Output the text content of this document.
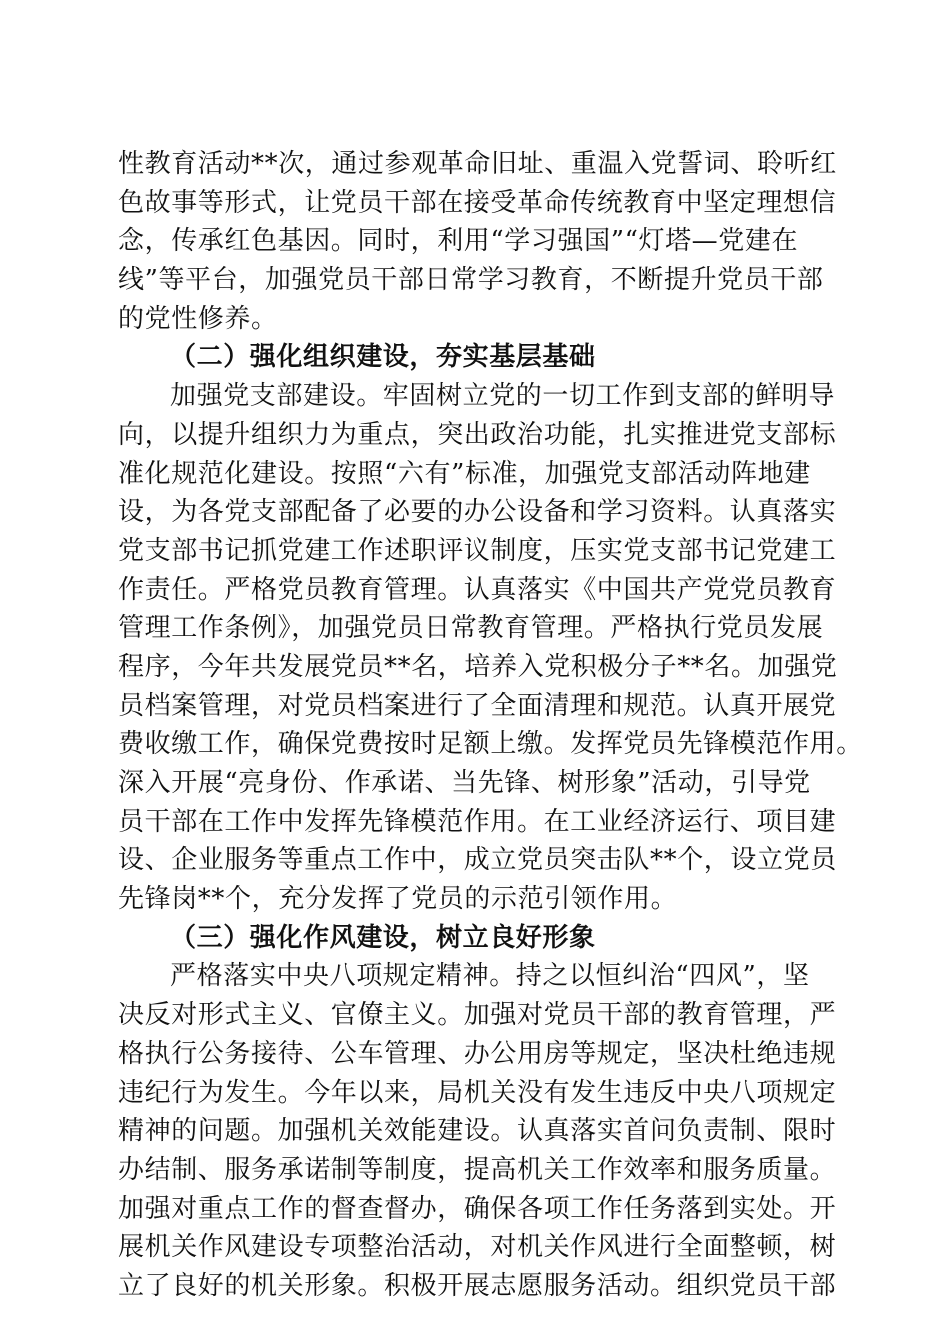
性教育活动**次，通过参观革命旧址、重温入党誓词、聆听红
色故事等形式，让党员干部在接受革命传统教育中坚定理想信
念，传承红色基因。同时，利用“学习强国”“灯塔—党建在
线”等平台，加强党员干部日常学习教育，不断提升党员干部
的党性修养。
（二）强化组织建设，夯实基层基础
加强党支部建设。牢固树立党的一切工作到支部的鲜明导
向，以提升组织力为重点，突出政治功能，扎实推进党支部标
准化规范化建设。按照“六有”标准，加强党支部活动阵地建
设，为各党支部配备了必要的办公设备和学习资料。认真落实
党支部书记抓党建工作述职评议制度，压实党支部书记党建工
作责任。严格党员教育管理。认真落实《中国共产党党员教育
管理工作条例》，加强党员日常教育管理。严格执行党员发展
程序，今年共发展党员**名，培养入党积极分子**名。加强党
员档案管理，对党员档案进行了全面清理和规范。认真开展党
费收缴工作，确保党费按时足额上缴。发挥党员先锋模范作用。
深入开展“亮身份、作承诺、当先锋、树形象”活动，引导党
员干部在工作中发挥先锋模范作用。在工业经济运行、项目建
设、企业服务等重点工作中，成立党员突击队**个，设立党员
先锋岗**个，充分发挥了党员的示范引领作用。
（三）强化作风建设，树立良好形象
严格落实中央八项规定精神。持之以恒纠治“四风”，坚
决反对形式主义、官僚主义。加强对党员干部的教育管理，严
格执行公务接待、公车管理、办公用房等规定，坚决杜绝违规
违纪行为发生。今年以来，局机关没有发生违反中央八项规定
精神的问题。加强机关效能建设。认真落实首问负责制、限时
办结制、服务承诺制等制度，提高机关工作效率和服务质量。
加强对重点工作的督查督办，确保各项工作任务落到实处。开
展机关作风建设专项整治活动，对机关作风进行全面整顿，树
立了良好的机关形象。积极开展志愿服务活动。组织党员干部
